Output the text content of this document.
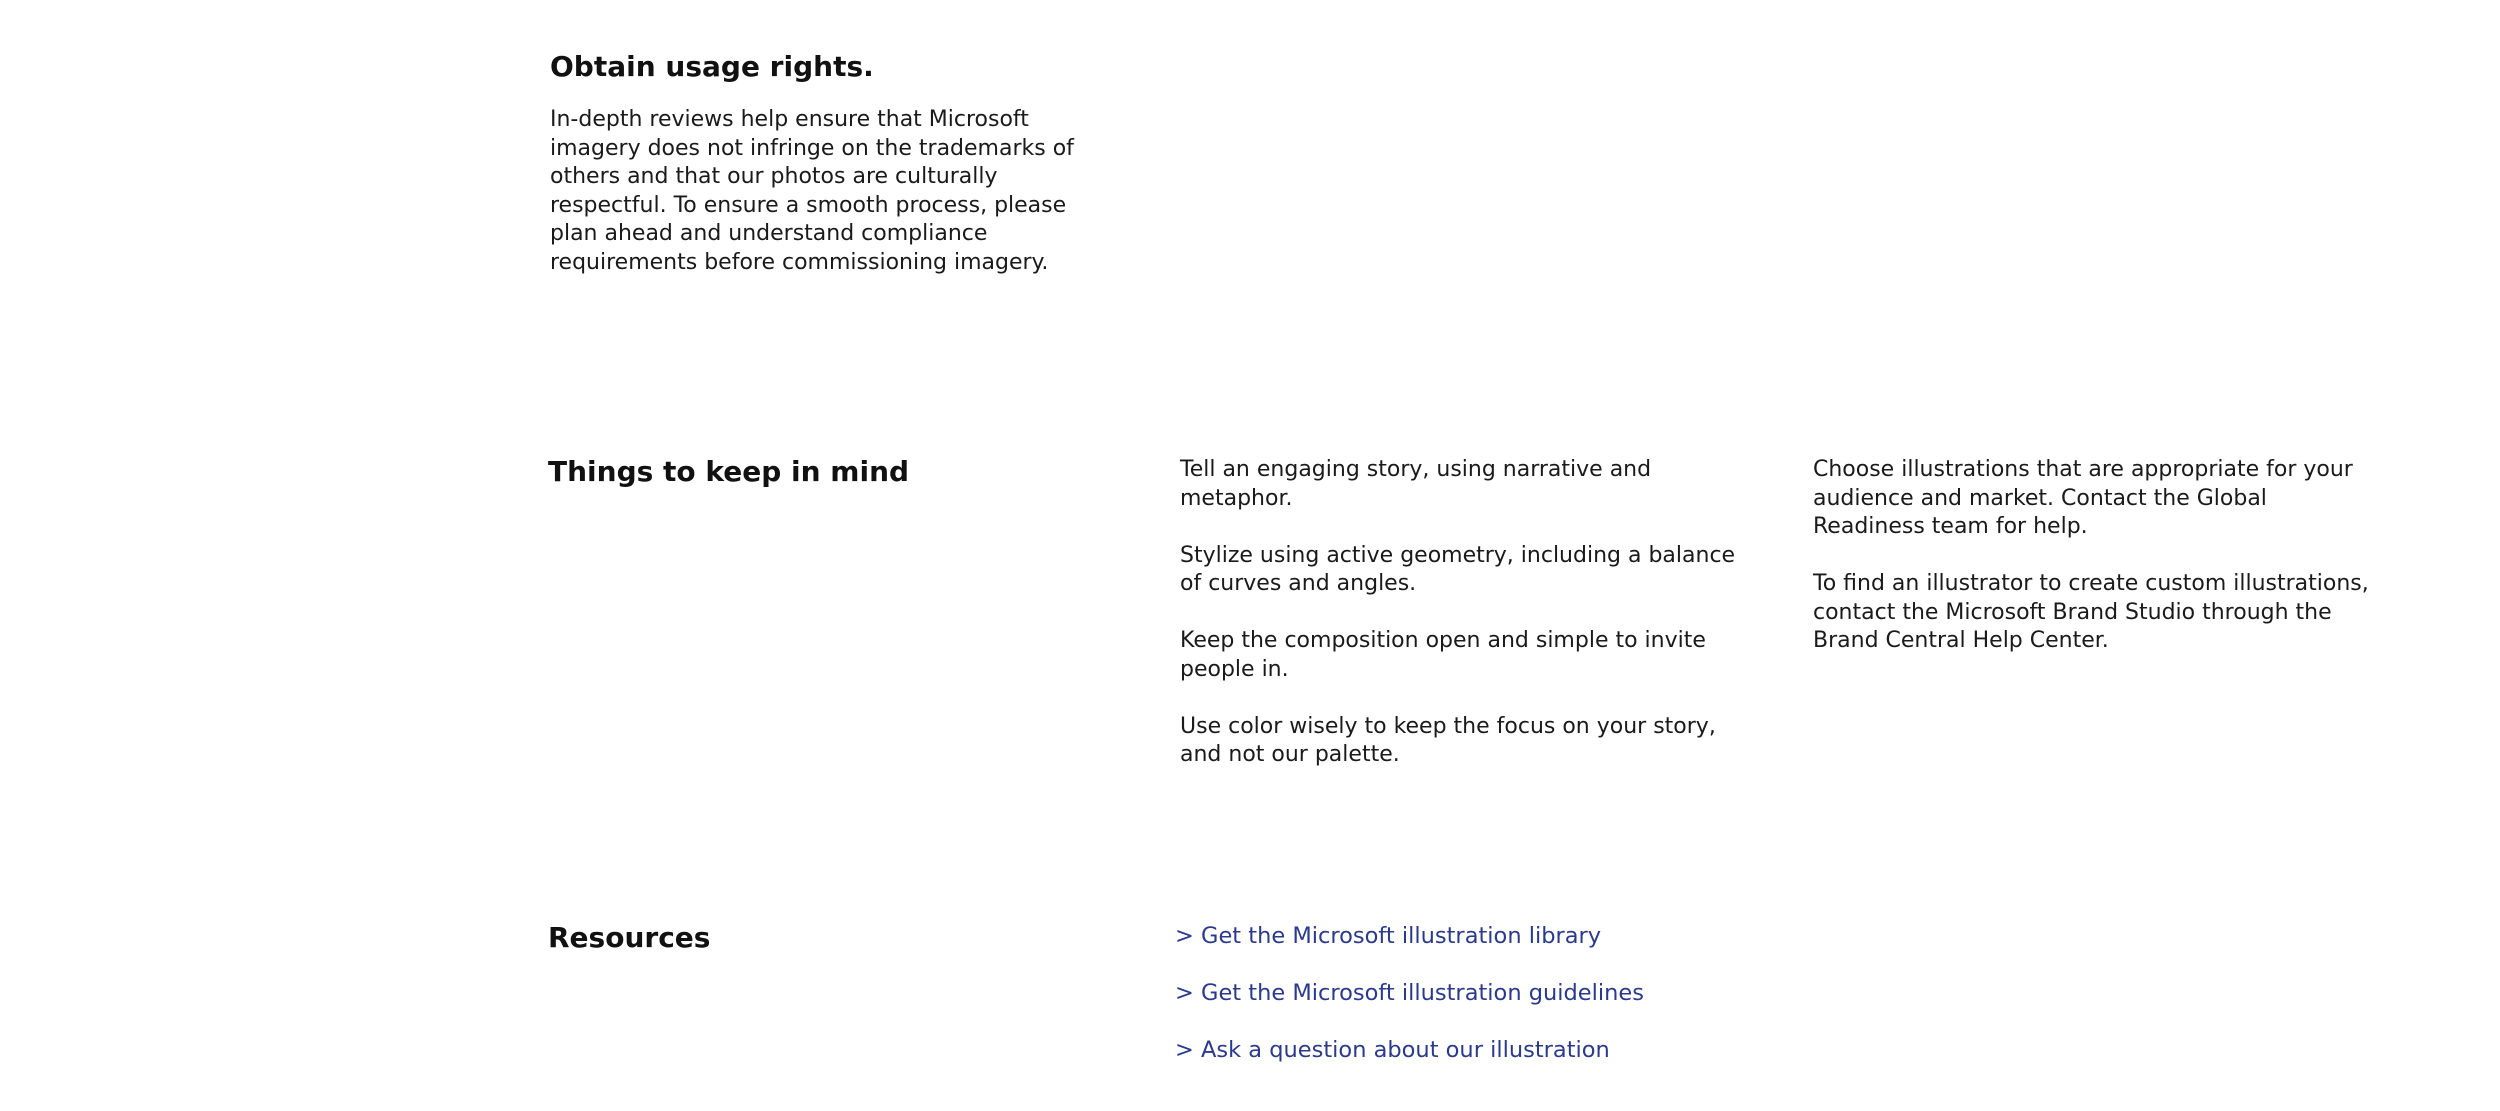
Obtain usage rights.

In-depth reviews help ensure that Microsoft imagery does not infringe on the trademarks of others and that our photos are culturally respectful. To ensure a smooth process, please plan ahead and understand compliance requirements before commissioning imagery.

Things to keep in mind	Tell an engaging story, using narrative and metaphor.

Stylize using active geometry, including a balance of curves and angles.

Keep the composition open and simple to invite people in.

Use color wisely to keep the focus on your story, and not our palette.

Choose illustrations that are appropriate for your audience and market. Contact the Global Readiness team for help.

To find an illustrator to create custom illustrations, contact the Microsoft Brand Studio through the Brand Central Help Center.

Resources	> Get the Microsoft illustration library
> Get the Microsoft illustration guidelines
> Ask a question about our illustration
